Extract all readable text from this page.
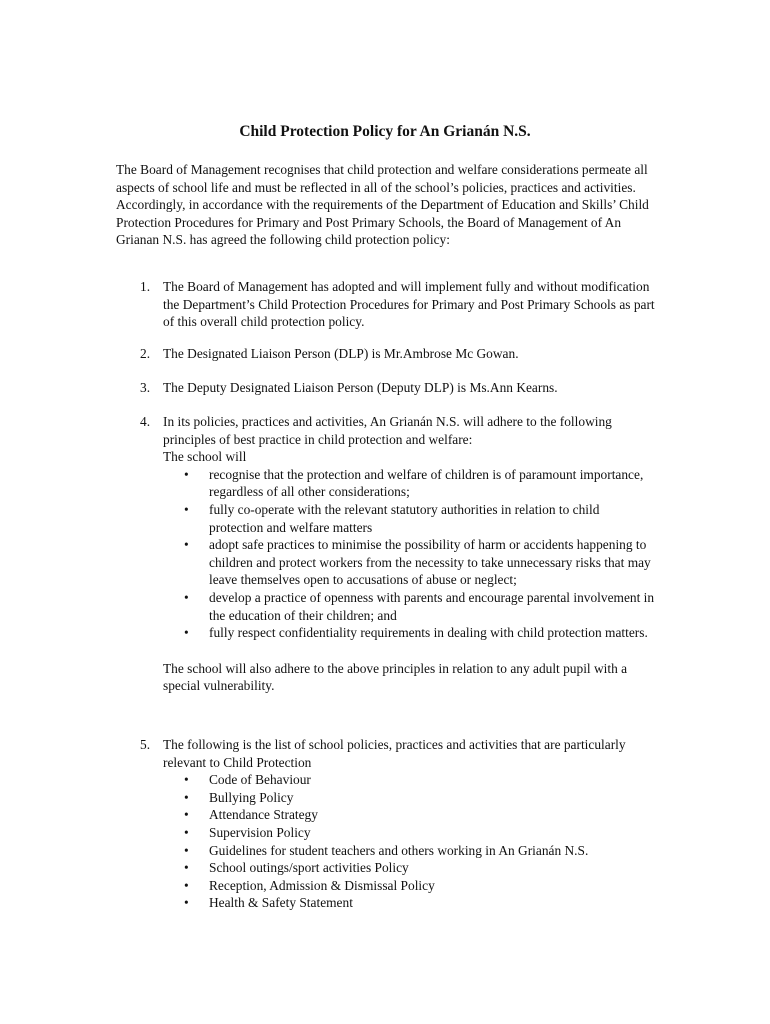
Child Protection Policy for An Grianán N.S.

The Board of Management recognises that child protection and welfare considerations permeate all aspects of school life and must be reflected in all of the school’s policies, practices and activities. Accordingly, in accordance with the requirements of the Department of Education and Skills’ Child Protection Procedures for Primary and Post Primary Schools, the Board of Management of An Grianan N.S. has agreed the following child protection policy:

1. The Board of Management has adopted and will implement fully and without modification the Department’s Child Protection Procedures for Primary and Post Primary Schools as part of this overall child protection policy.

2. The Designated Liaison Person (DLP) is Mr.Ambrose Mc Gowan.

3. The Deputy Designated Liaison Person (Deputy DLP) is Ms.Ann Kearns.

4. In its policies, practices and activities, An Grianán N.S. will adhere to the following principles of best practice in child protection and welfare:

The school will

• recognise that the protection and welfare of children is of paramount importance, regardless of all other considerations;
• fully co-operate with the relevant statutory authorities in relation to child protection and welfare matters
• adopt safe practices to minimise the possibility of harm or accidents happening to children and protect workers from the necessity to take unnecessary risks that may leave themselves open to accusations of abuse or neglect;
• develop a practice of openness with parents and encourage parental involvement in the education of their children; and
• fully respect confidentiality requirements in dealing with child protection matters.

The school will also adhere to the above principles in relation to any adult pupil with a special vulnerability.

5. The following is the list of school policies, practices and activities that are particularly relevant to Child Protection

• Code of Behaviour
• Bullying Policy
• Attendance Strategy
• Supervision Policy
• Guidelines for student teachers and others working in An Grianán N.S.
• School outings/sport activities Policy
• Reception, Admission & Dismissal Policy
• Health & Safety Statement
